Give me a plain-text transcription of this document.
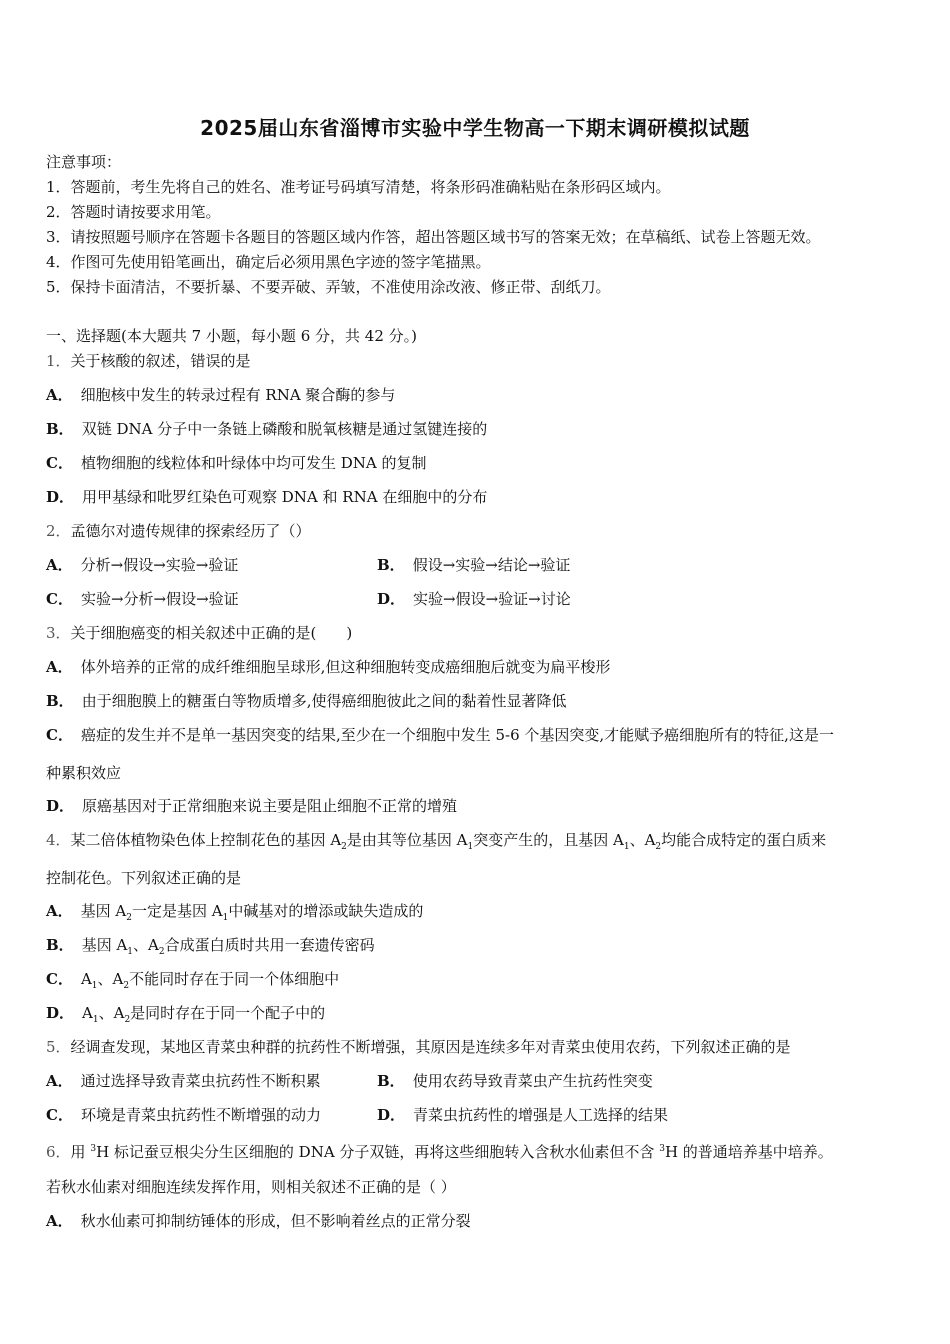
2025届山东省淄博市实验中学生物高一下期末调研模拟试题
注意事项：
1．答题前，考生先将自己的姓名、准考证号码填写清楚，将条形码准确粘贴在条形码区域内。
2．答题时请按要求用笔。
3．请按照题号顺序在答题卡各题目的答题区域内作答，超出答题区域书写的答案无效；在草稿纸、试卷上答题无效。
4．作图可先使用铅笔画出，确定后必须用黑色字迹的签字笔描黑。
5．保持卡面清洁，不要折暴、不要弄破、弄皱，不准使用涂改液、修正带、刮纸刀。
一、选择题(本大题共 7 小题，每小题 6 分，共 42 分。)
1．关于核酸的叙述，错误的是
A． 细胞核中发生的转录过程有 RNA 聚合酶的参与
B． 双链 DNA 分子中一条链上磷酸和脱氧核糖是通过氢键连接的
C． 植物细胞的线粒体和叶绿体中均可发生 DNA 的复制
D． 用甲基绿和吡罗红染色可观察 DNA 和 RNA 在细胞中的分布
2．孟德尔对遗传规律的探索经历了（）
A． 分析→假设→实验→验证	B． 假设→实验→结论→验证
C． 实验→分析→假设→验证	D． 实验→假设→验证→讨论
3．关于细胞癌变的相关叙述中正确的是(　　)
A． 体外培养的正常的成纤维细胞呈球形,但这种细胞转变成癌细胞后就变为扁平梭形
B． 由于细胞膜上的糖蛋白等物质增多,使得癌细胞彼此之间的黏着性显著降低
C． 癌症的发生并不是单一基因突变的结果,至少在一个细胞中发生 5-6 个基因突变,才能赋予癌细胞所有的特征,这是一
种累积效应
D． 原癌基因对于正常细胞来说主要是阻止细胞不正常的增殖
4．某二倍体植物染色体上控制花色的基因 $A_2$是由其等位基因 $A_1$突变产生的，且基因 $A_1$、$A_2$均能合成特定的蛋白质来
控制花色。下列叙述正确的是
A． 基因 $A_2$一定是基因 $A_1$中碱基对的增添或缺失造成的
B． 基因 $A_1$、$A_2$合成蛋白质时共用一套遗传密码
C． $A_1$、$A_2$不能同时存在于同一个体细胞中
D． $A_1$、$A_2$是同时存在于同一个配子中的
5．经调查发现，某地区青菜虫种群的抗药性不断增强，其原因是连续多年对青菜虫使用农药，下列叙述正确的是
A． 通过选择导致青菜虫抗药性不断积累	B． 使用农药导致青菜虫产生抗药性突变
C． 环境是青菜虫抗药性不断增强的动力	D． 青菜虫抗药性的增强是人工选择的结果
6．用 $^3$H 标记蚕豆根尖分生区细胞的 DNA 分子双链，再将这些细胞转入含秋水仙素但不含 $^3$H 的普通培养基中培养。
若秋水仙素对细胞连续发挥作用，则相关叙述不正确的是（ ）
A． 秋水仙素可抑制纺锤体的形成，但不影响着丝点的正常分裂
